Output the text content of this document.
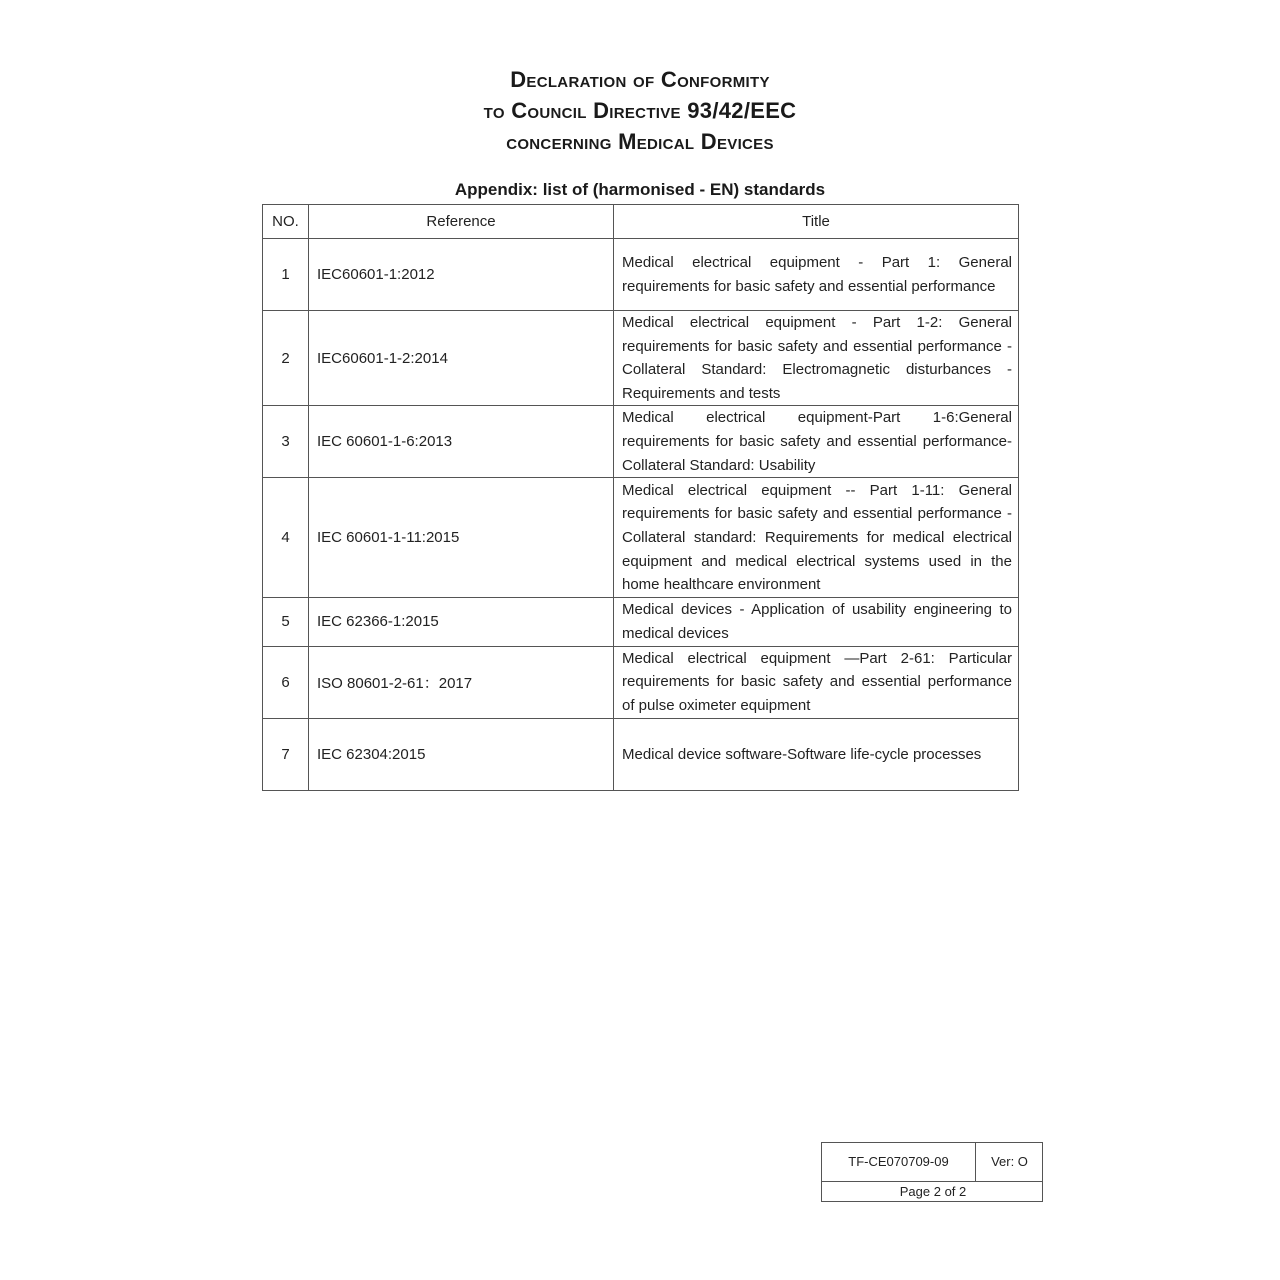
Declaration of Conformity

to Council Directive 93/42/EEC

concerning Medical Devices

Appendix: list of (harmonised - EN) standards
NO.	Reference	Title
1	IEC60601-1:2012	Medical electrical equipment - Part 1: General requirements for basic safety and essential performance
2	IEC60601-1-2:2014	Medical electrical equipment - Part 1-2: General requirements for basic safety and essential performance - Collateral Standard: Electromagnetic disturbances - Requirements and tests
3	IEC 60601-1-6:2013	Medical electrical equipment-Part 1-6:General requirements for basic safety and essential performance-Collateral Standard: Usability
4	IEC 60601-1-11:2015	Medical electrical equipment -- Part 1-11: General requirements for basic safety and essential performance - Collateral standard: Requirements for medical electrical equipment and medical electrical systems used in the home healthcare environment
5	IEC 62366-1:2015	Medical devices - Application of usability engineering to medical devices
6	ISO 80601-2-61：2017	Medical electrical equipment —Part 2-61: Particular requirements for basic safety and essential performance of pulse oximeter equipment
7	IEC 62304:2015	Medical device software-Software life-cycle processes
TF-CE070709-09	Ver: O
Page 2 of 2
